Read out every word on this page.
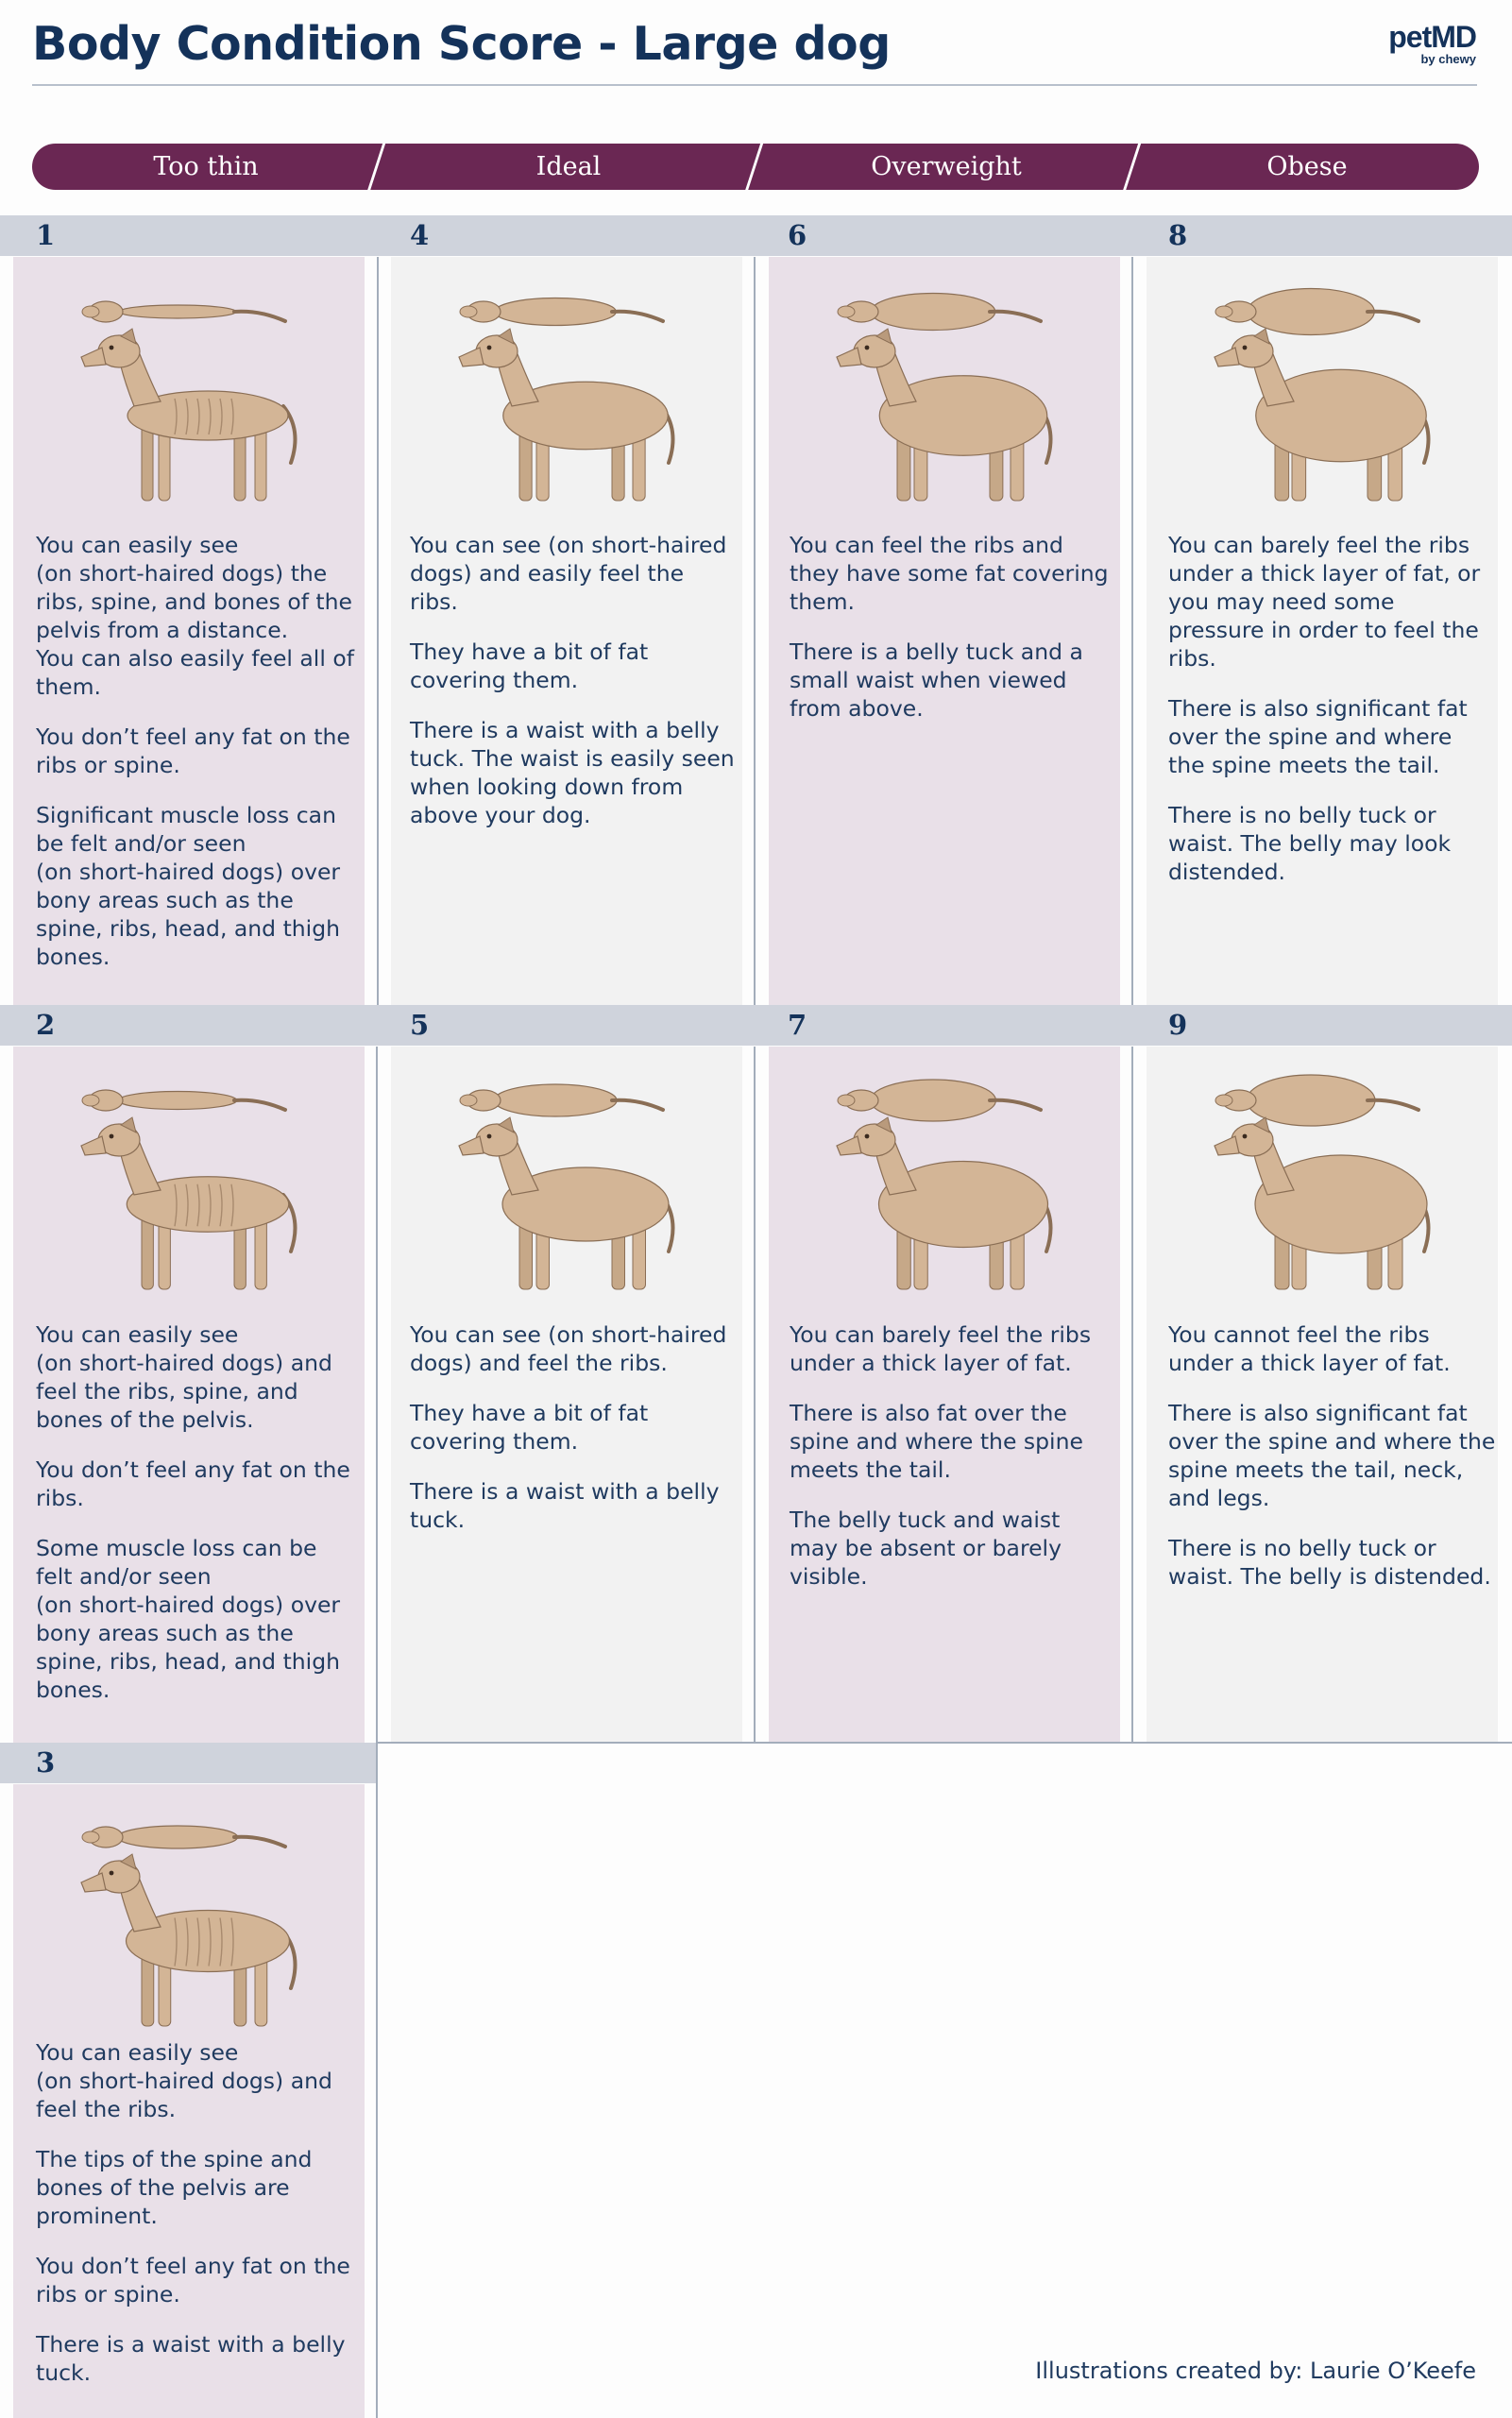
Body Condition Score - Large dog	petMD
by chewy
Too thin	Ideal	Overweight	Obese
1	4	6	8
2	5	7	9
3

You can easily see
(on short-haired dogs) the ribs, spine, and bones of the pelvis from a distance.
You can also easily feel all of them.

You don’t feel any fat on the ribs or spine.

Significant muscle loss can be felt and/or seen
(on short-haired dogs) over bony areas such as the spine, ribs, head, and thigh bones.

You can see (on short-haired dogs) and easily feel the ribs.

They have a bit of fat covering them.

There is a waist with a belly tuck. The waist is easily seen when looking down from above your dog.

You can feel the ribs and they have some fat covering them.

There is a belly tuck and a small waist when viewed from above.

You can barely feel the ribs under a thick layer of fat, or you may need some pressure in order to feel the ribs.

There is also significant fat over the spine and where the spine meets the tail.

There is no belly tuck or waist. The belly may look distended.

You can easily see
(on short-haired dogs) and feel the ribs, spine, and bones of the pelvis.

You don’t feel any fat on the ribs.

Some muscle loss can be felt and/or seen
(on short-haired dogs) over bony areas such as the spine, ribs, head, and thigh bones.

You can see (on short-haired dogs) and feel the ribs.

They have a bit of fat covering them.

There is a waist with a belly tuck.

You can barely feel the ribs under a thick layer of fat.

There is also fat over the spine and where the spine meets the tail.

The belly tuck and waist may be absent or barely visible.

You cannot feel the ribs under a thick layer of fat.

There is also significant fat over the spine and where the spine meets the tail, neck, and legs.

There is no belly tuck or waist. The belly is distended.

You can easily see
(on short-haired dogs) and feel the ribs.

The tips of the spine and bones of the pelvis are prominent.

You don’t feel any fat on the ribs or spine.

There is a waist with a belly tuck.	Illustrations created by: Laurie O’Keefe
